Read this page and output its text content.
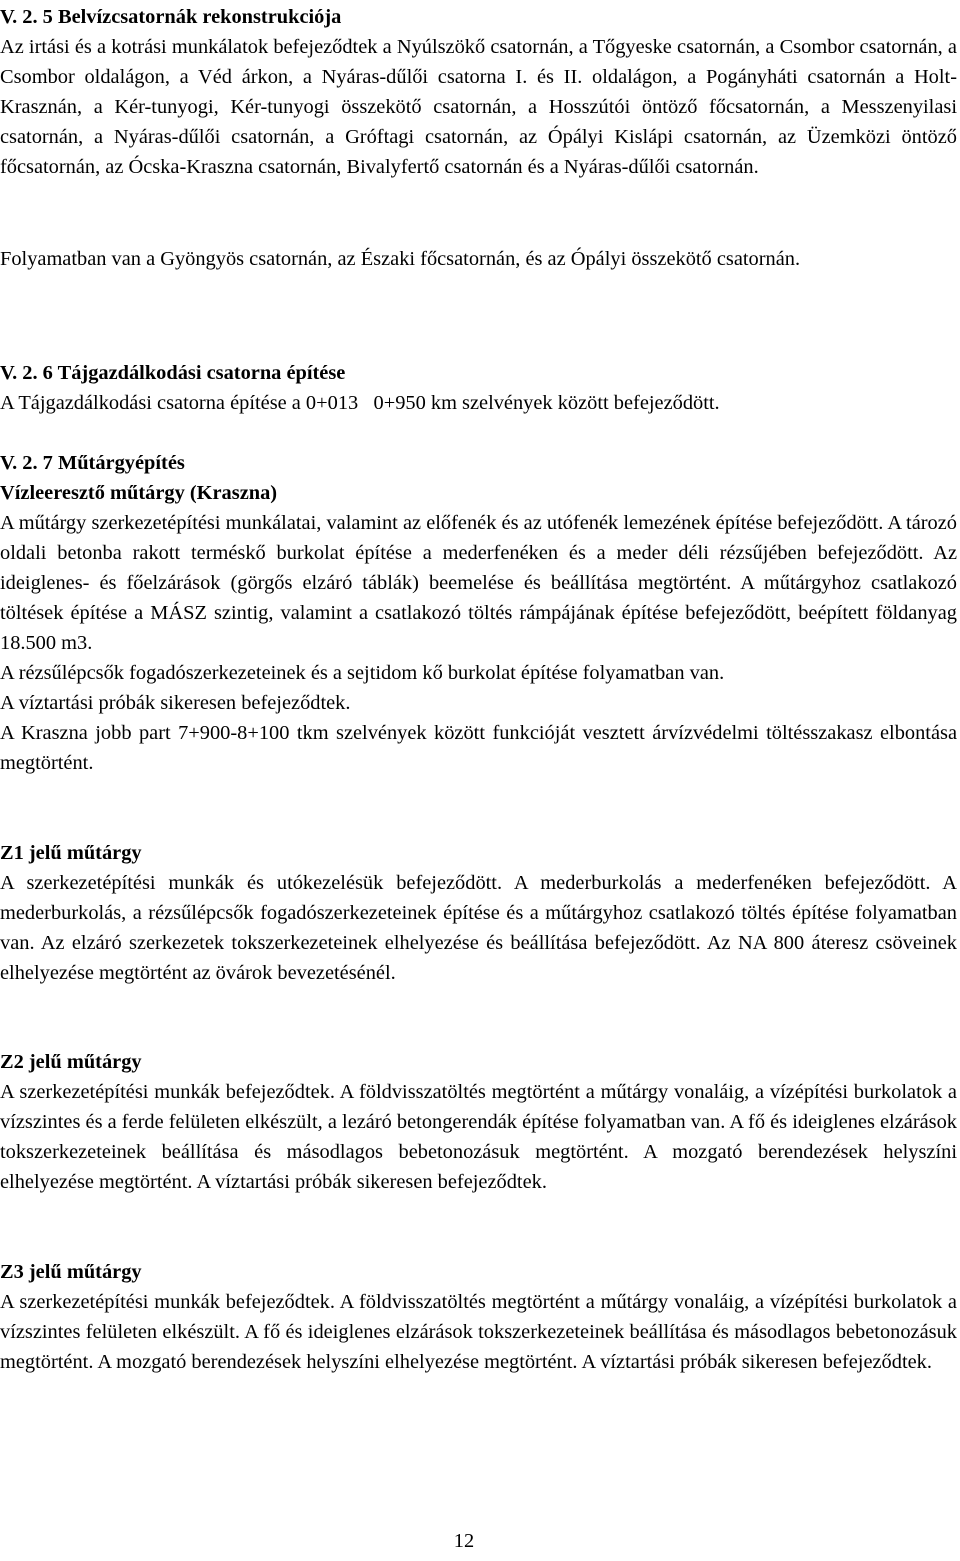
V. 2. 5 Belvízcsatornák rekonstrukciója

Az irtási és a kotrási munkálatok befejeződtek a Nyúlszökő csatornán, a Tőgyeske csatornán, a Csombor csatornán, a Csombor oldalágon, a Véd árkon, a Nyáras-dűlői csatorna I. és II. oldalágon, a Pogányháti csatornán a Holt-Krasznán, a Kér-tunyogi, Kér-tunyogi összekötő csatornán, a Hosszútói öntöző főcsatornán, a Messzenyilasi csatornán, a Nyáras-dűlői csatornán, a Gróftagi csatornán, az Ópályi Kislápi csatornán, az Üzemközi öntöző főcsatornán, az Ócska-Kraszna csatornán, Bivalyfertő csatornán és a Nyáras-dűlői csatornán.

Folyamatban van a Gyöngyös csatornán, az Északi főcsatornán, és az Ópályi összekötő csatornán.

V. 2. 6 Tájgazdálkodási csatorna építése

A Tájgazdálkodási csatorna építése a 0+013   0+950 km szelvények között befejeződött.

V. 2. 7 Műtárgyépítés
Vízleeresztő műtárgy (Kraszna)

A műtárgy szerkezetépítési munkálatai, valamint az előfenék és az utófenék lemezének építése befejeződött. A tározó oldali betonba rakott terméskő burkolat építése a mederfenéken és a meder déli rézsűjében befejeződött. Az ideiglenes- és főelzárások (görgős elzáró táblák) beemelése és beállítása megtörtént. A műtárgyhoz csatlakozó töltések építése a MÁSZ szintig, valamint a csatlakozó töltés rámpájának építése befejeződött, beépített földanyag 18.500 m3.

A rézsűlépcsők fogadószerkezeteinek és a sejtidom kő burkolat építése folyamatban van.

A víztartási próbák sikeresen befejeződtek.

A Kraszna jobb part 7+900-8+100 tkm szelvények között funkcióját vesztett árvízvédelmi töltésszakasz elbontása megtörtént.

Z1 jelű műtárgy

A szerkezetépítési munkák és utókezelésük befejeződött. A mederburkolás a mederfenéken befejeződött. A mederburkolás, a rézsűlépcsők fogadószerkezeteinek építése és a műtárgyhoz csatlakozó töltés építése folyamatban van. Az elzáró szerkezetek tokszerkezeteinek elhelyezése és beállítása befejeződött. Az NA 800 áteresz csöveinek elhelyezése megtörtént az övárok bevezetésénél.

Z2 jelű műtárgy

A szerkezetépítési munkák befejeződtek. A földvisszatöltés megtörtént a műtárgy vonaláig, a vízépítési burkolatok a vízszintes és a ferde felületen elkészült, a lezáró betongerendák építése folyamatban van. A fő és ideiglenes elzárások tokszerkezeteinek beállítása és másodlagos bebetonozásuk megtörtént. A mozgató berendezések helyszíni elhelyezése megtörtént. A víztartási próbák sikeresen befejeződtek.

Z3 jelű műtárgy

A szerkezetépítési munkák befejeződtek. A földvisszatöltés megtörtént a műtárgy vonaláig, a vízépítési burkolatok a vízszintes felületen elkészült. A fő és ideiglenes elzárások tokszerkezeteinek beállítása és másodlagos bebetonozásuk megtörtént. A mozgató berendezések helyszíni elhelyezése megtörtént. A víztartási próbák sikeresen befejeződtek.

12
